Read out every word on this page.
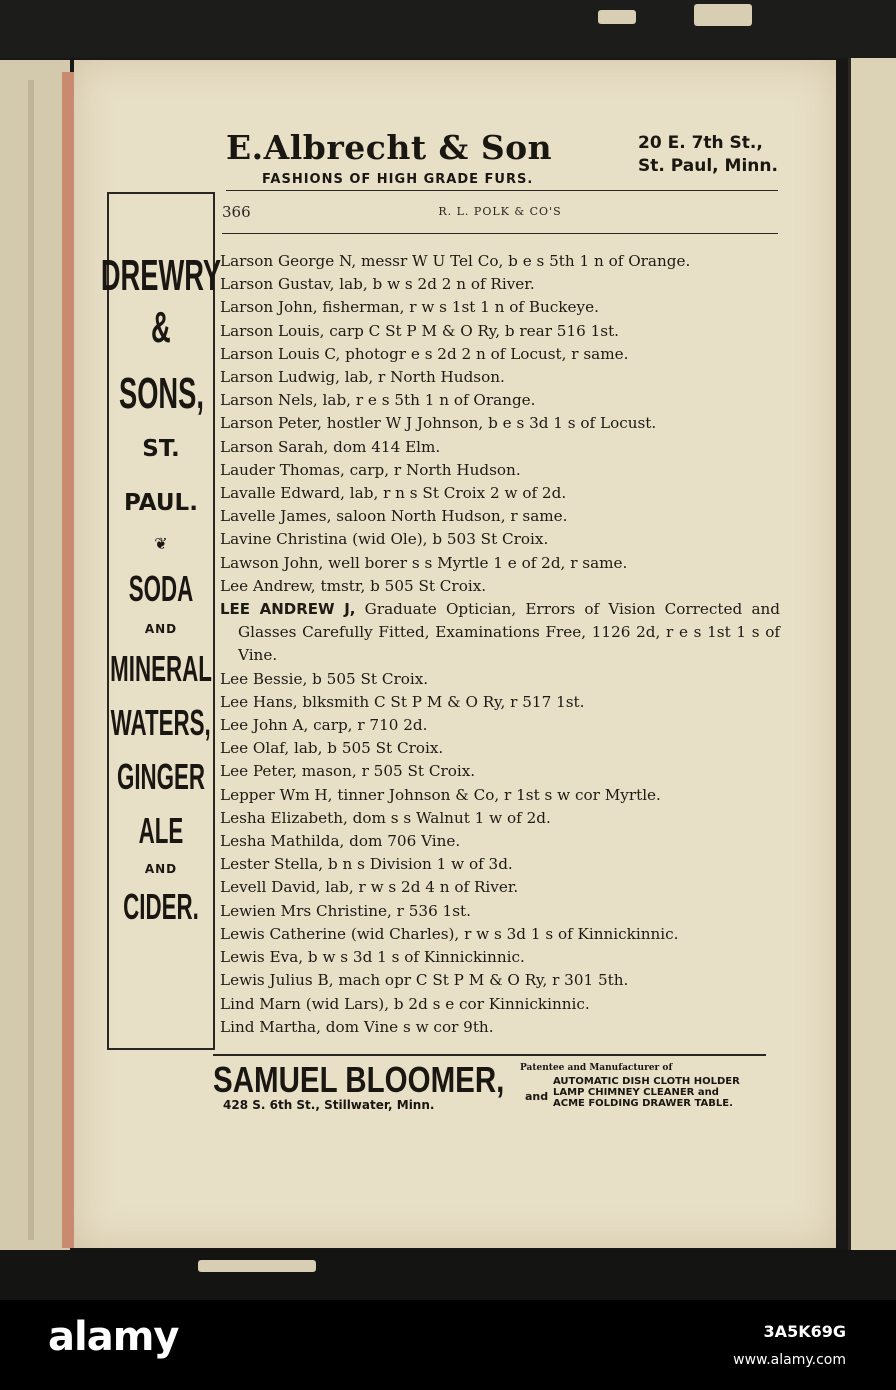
E.Albrecht & Son
FASHIONS OF HIGH GRADE FURS.
20 E. 7th St.,
St. Paul, Minn.
DREWRY
&
SONS,
ST.
PAUL.
❦
SODA
AND
MINERAL
WATERS,
GINGER
ALE
AND
CIDER.
366	R. L. POLK & CO'S
Larson George N, messr W U Tel Co, b e s 5th 1 n of Orange.
Larson Gustav, lab, b w s 2d 2 n of River.
Larson John, fisherman, r w s 1st 1 n of Buckeye.
Larson Louis, carp C St P M & O Ry, b rear 516 1st.
Larson Louis C, photogr e s 2d 2 n of Locust, r same.
Larson Ludwig, lab, r North Hudson.
Larson Nels, lab, r e s 5th 1 n of Orange.
Larson Peter, hostler W J Johnson, b e s 3d 1 s of Locust.
Larson Sarah, dom 414 Elm.
Lauder Thomas, carp, r North Hudson.
Lavalle Edward, lab, r n s St Croix 2 w of 2d.
Lavelle James, saloon North Hudson, r same.
Lavine Christina (wid Ole), b 503 St Croix.
Lawson John, well borer s s Myrtle 1 e of 2d, r same.
Lee Andrew, tmstr, b 505 St Croix.
LEE ANDREW J, Graduate Optician, Errors of Vision Corrected and Glasses Carefully Fitted, Examinations Free, 1126 2d, r e s 1st 1 s of Vine.
Lee Bessie, b 505 St Croix.
Lee Hans, blksmith C St P M & O Ry, r 517 1st.
Lee John A, carp, r 710 2d.
Lee Olaf, lab, b 505 St Croix.
Lee Peter, mason, r 505 St Croix.
Lepper Wm H, tinner Johnson & Co, r 1st s w cor Myrtle.
Lesha Elizabeth, dom s s Walnut 1 w of 2d.
Lesha Mathilda, dom 706 Vine.
Lester Stella, b n s Division 1 w of 3d.
Levell David, lab, r w s 2d 4 n of River.
Lewien Mrs Christine, r 536 1st.
Lewis Catherine (wid Charles), r w s 3d 1 s of Kinnickinnic.
Lewis Eva, b w s 3d 1 s of Kinnickinnic.
Lewis Julius B, mach opr C St P M & O Ry, r 301 5th.
Lind Marn (wid Lars), b 2d s e cor Kinnickinnic.
Lind Martha, dom Vine s w cor 9th.
SAMUEL BLOOMER,
428 S. 6th St., Stillwater, Minn.
Patentee and Manufacturer of
and
AUTOMATIC DISH CLOTH HOLDER
LAMP CHIMNEY CLEANER and
ACME FOLDING DRAWER TABLE.
alamy	3A5K69G
www.alamy.com
